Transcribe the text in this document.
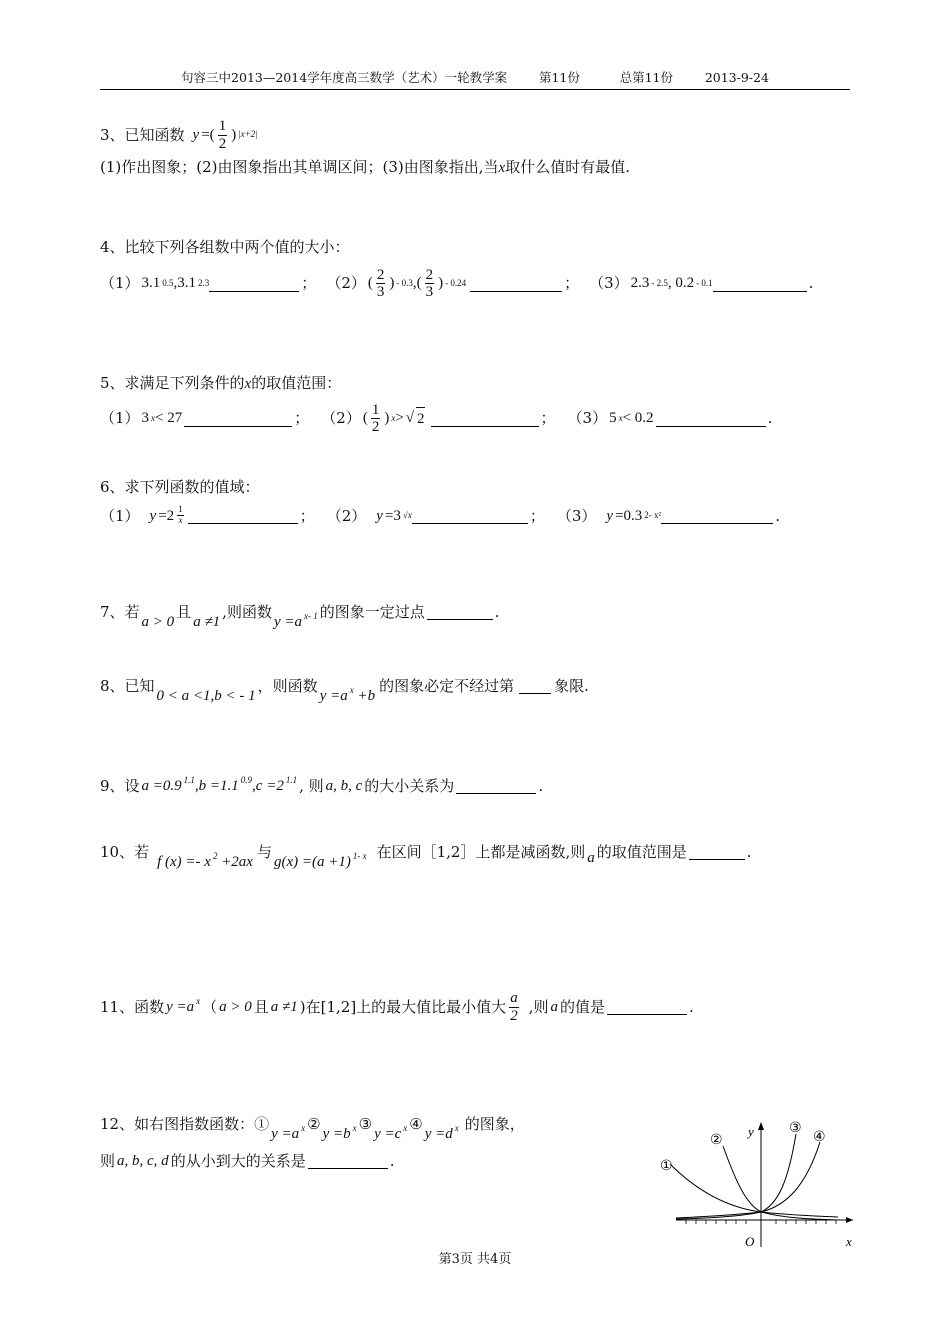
句容三中2013—2014学年度高三数学（艺术）一轮教学案	第11份	总第11份	2013-9-24
3、已知函数 y =( $\frac{1}{2}$ ) |x+2|
(1)作出图象；(2)由图象指出其单调区间；(3)由图象指出,当x取什么值时有最值.
4、比较下列各组数中两个值的大小：
（1） 3.1 0.5 ,3.1 2.3	； （2） ( $\frac{2}{3}$ ) - 0.3 ,( $\frac{2}{3}$ ) - 0.24	； （3） 2.3 - 2.5 , 0.2 - 0.1	.
5、求满足下列条件的x的取值范围：
（1） 3 x < 27	； （2） ( $\frac{1}{2}$ ) x > √ 2	； （3） 5 x < 0.2	.
6、求下列函数的值域：
（1） $y =2 \frac{1}{x}$	； （2） y =3 √x	； （3） y =0.3 2- x²	.
7、若
a > 0
且
a ≠1
,则函数
y =a $^{x- 1}$ 的图象一定过点	.
8、已知
0 < a <1,b < - 1
，则函数
y =a $^x$ +b
的图象必定不经过第	象限.
9、设 a =0.9 $^{1.1}$,b =1.1 $^{0.9}$,c =2 $^{1.1}$ , 则 a, b, c 的大小关系为	.
10、若
f (x) =- x $^2$ +2ax
与
g(x) =(a +1) $^{1- x}$ 在区间［1,2］上都是减函数,则 a 的取值范围是	.
11、函数 y =a $^x$ （ a > 0 且 a ≠1 )在[1,2]上的最大值比最小值大 $\frac{a}{2}$ ,则 a 的值是	.
12、如右图指数函数：①
y =a $^x$ ②
y =b $^x$ ③
y =c $^x$ ④
y =d $^x$ 的图象，
则 a, b, c, d 的从小到大的关系是	.	①
②
③
④
y
x
O
第3页 共4页
